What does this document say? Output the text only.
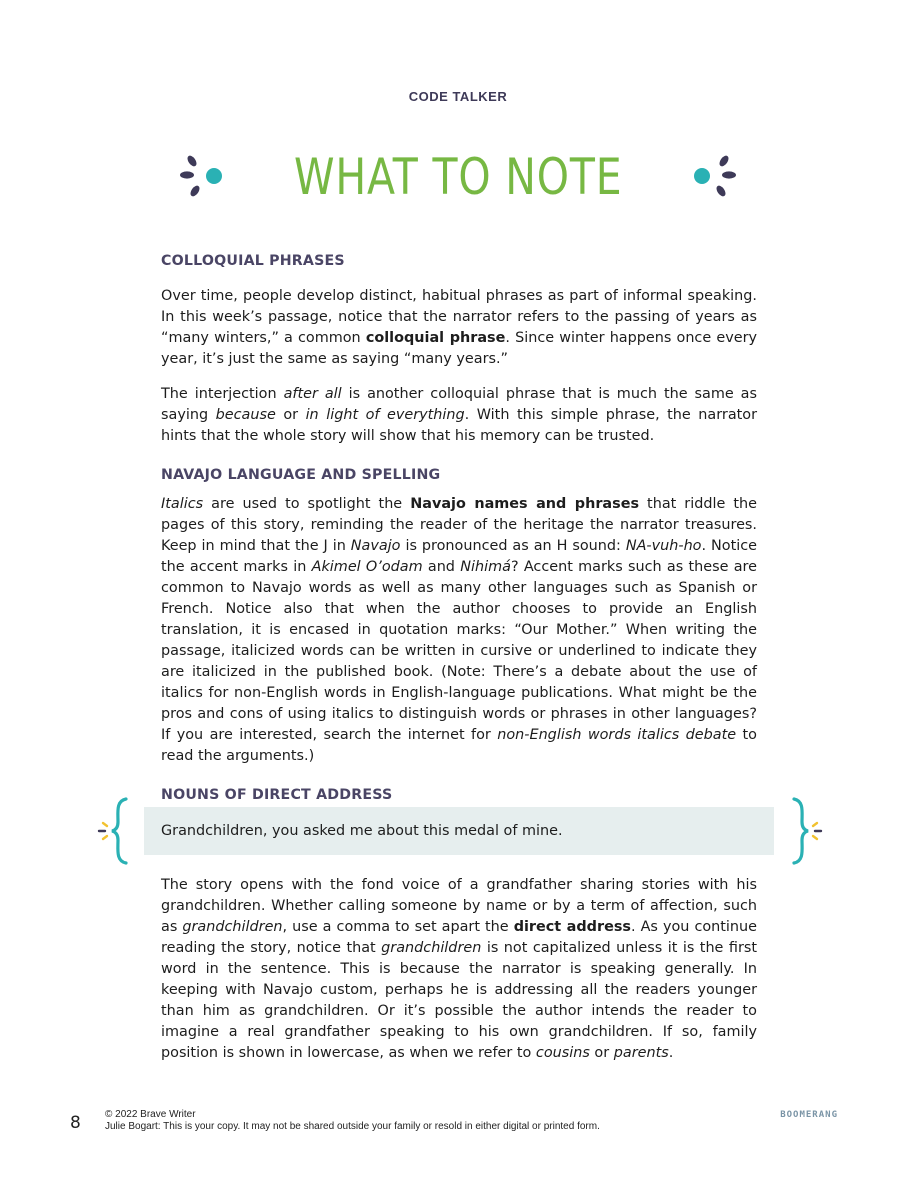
CODE TALKER
WHAT TO NOTE
COLLOQUIAL PHRASES

Over time, people develop distinct, habitual phrases as part of informal speaking. In this week’s passage, notice that the narrator refers to the passing of years as “many winters,” a common colloquial phrase. Since winter happens once every year, it’s just the same as saying “many years.”

The interjection after all is another colloquial phrase that is much the same as saying because or in light of everything. With this simple phrase, the narrator hints that the whole story will show that his memory can be trusted.

NAVAJO LANGUAGE AND SPELLING

Italics are used to spotlight the Navajo names and phrases that riddle the pages of this story, reminding the reader of the heritage the narrator treasures. Keep in mind that the J in Navajo is pronounced as an H sound: NA-vuh-ho. Notice the accent marks in Akimel O’odam and Nihimá? Accent marks such as these are common to Navajo words as well as many other languages such as Spanish or French. Notice also that when the author chooses to provide an English translation, it is encased in quotation marks: “Our Mother.” When writing the passage, italicized words can be written in cursive or underlined to indicate they are italicized in the published book. (Note: There’s a debate about the use of italics for non-English words in English-language publications. What might be the pros and cons of using italics to distinguish words or phrases in other languages? If you are interested, search the internet for non-English words italics debate to read the arguments.)

NOUNS OF DIRECT ADDRESS
Grandchildren, you asked me about this medal of mine.

The story opens with the fond voice of a grandfather sharing stories with his grandchildren. Whether calling someone by name or by a term of affection, such as grandchildren, use a comma to set apart the direct address. As you continue reading the story, notice that grandchildren is not capitalized unless it is the first word in the sentence. This is because the narrator is speaking generally. In keeping with Navajo custom, perhaps he is addressing all the readers younger than him as grandchildren. Or it’s possible the author intends the reader to imagine a real grandfather speaking to his own grandchildren. If so, family position is shown in lowercase, as when we refer to cousins or parents.

8 © 2022 Brave Writer
Julie Bogart: This is your copy. It may not be shared outside your family or resold in either digital or printed form.
BOOMERANG
